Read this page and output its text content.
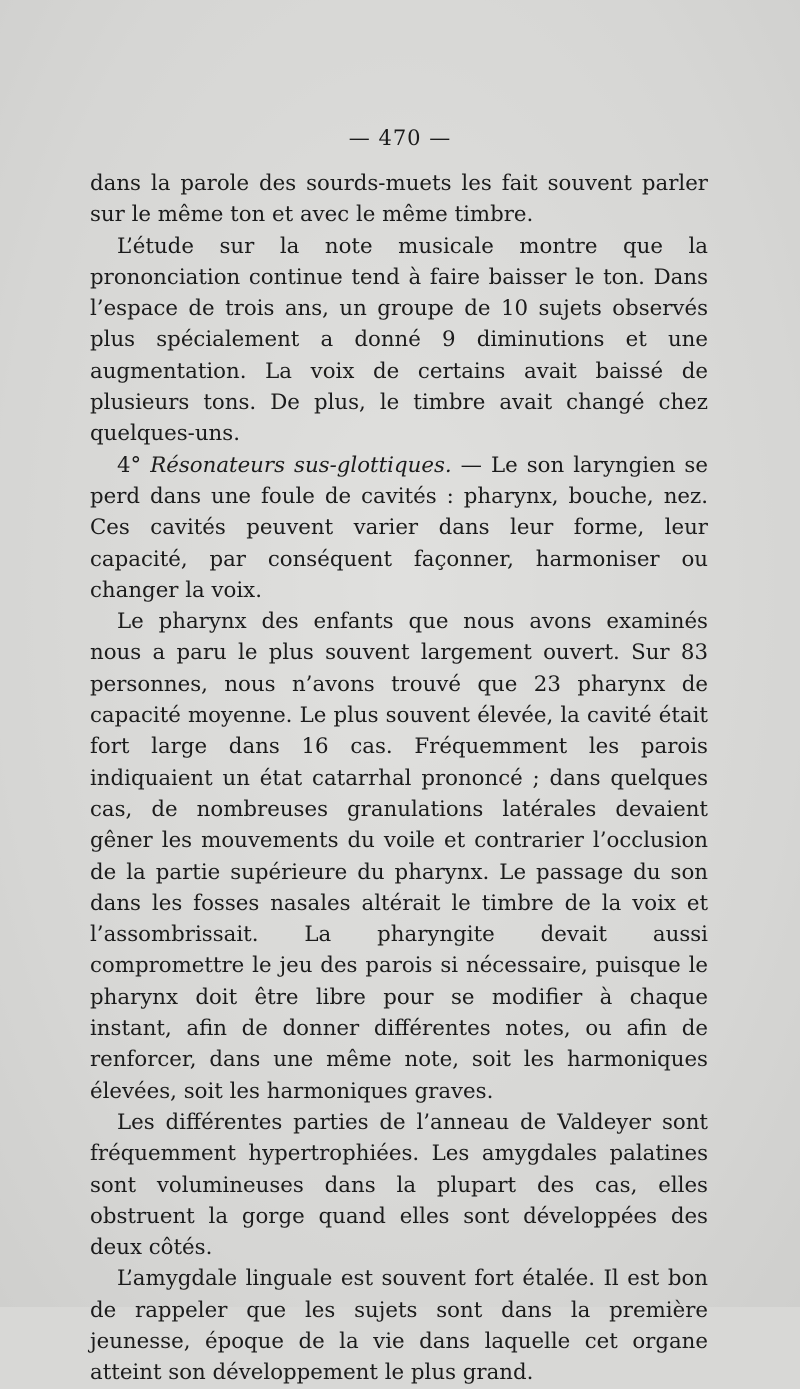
— 470 —

dans la parole des sourds-muets les fait souvent parler sur le même ton et avec le même timbre.

L’étude sur la note musicale montre que la prononciation continue tend à faire baisser le ton. Dans l’espace de trois ans, un groupe de 10 sujets observés plus spécialement a donné 9 diminutions et une augmentation. La voix de certains avait baissé de plusieurs tons. De plus, le timbre avait changé chez quelques-uns.

4° Résonateurs sus-glottiques. — Le son laryngien se perd dans une foule de cavités : pharynx, bouche, nez. Ces cavités peuvent varier dans leur forme, leur capacité, par conséquent façonner, harmoniser ou changer la voix.

Le pharynx des enfants que nous avons examinés nous a paru le plus souvent largement ouvert. Sur 83 personnes, nous n’avons trouvé que 23 pharynx de capacité moyenne. Le plus souvent élevée, la cavité était fort large dans 16 cas. Fréquemment les parois indiquaient un état catarrhal prononcé ; dans quelques cas, de nombreuses granulations latérales devaient gêner les mouvements du voile et contrarier l’occlusion de la partie supérieure du pharynx. Le passage du son dans les fosses nasales altérait le timbre de la voix et l’assombrissait. La pharyngite devait aussi compromettre le jeu des parois si nécessaire, puisque le pharynx doit être libre pour se modifier à chaque instant, afin de donner différentes notes, ou afin de renforcer, dans une même note, soit les harmoniques élevées, soit les harmoniques graves.

Les différentes parties de l’anneau de Valdeyer sont fréquemment hypertrophiées. Les amygdales palatines sont volumineuses dans la plupart des cas, elles obstruent la gorge quand elles sont développées des deux côtés.

L’amygdale linguale est souvent fort étalée. Il est bon de rappeler que les sujets sont dans la première jeunesse, époque de la vie dans laquelle cet organe atteint son développement le plus grand.
